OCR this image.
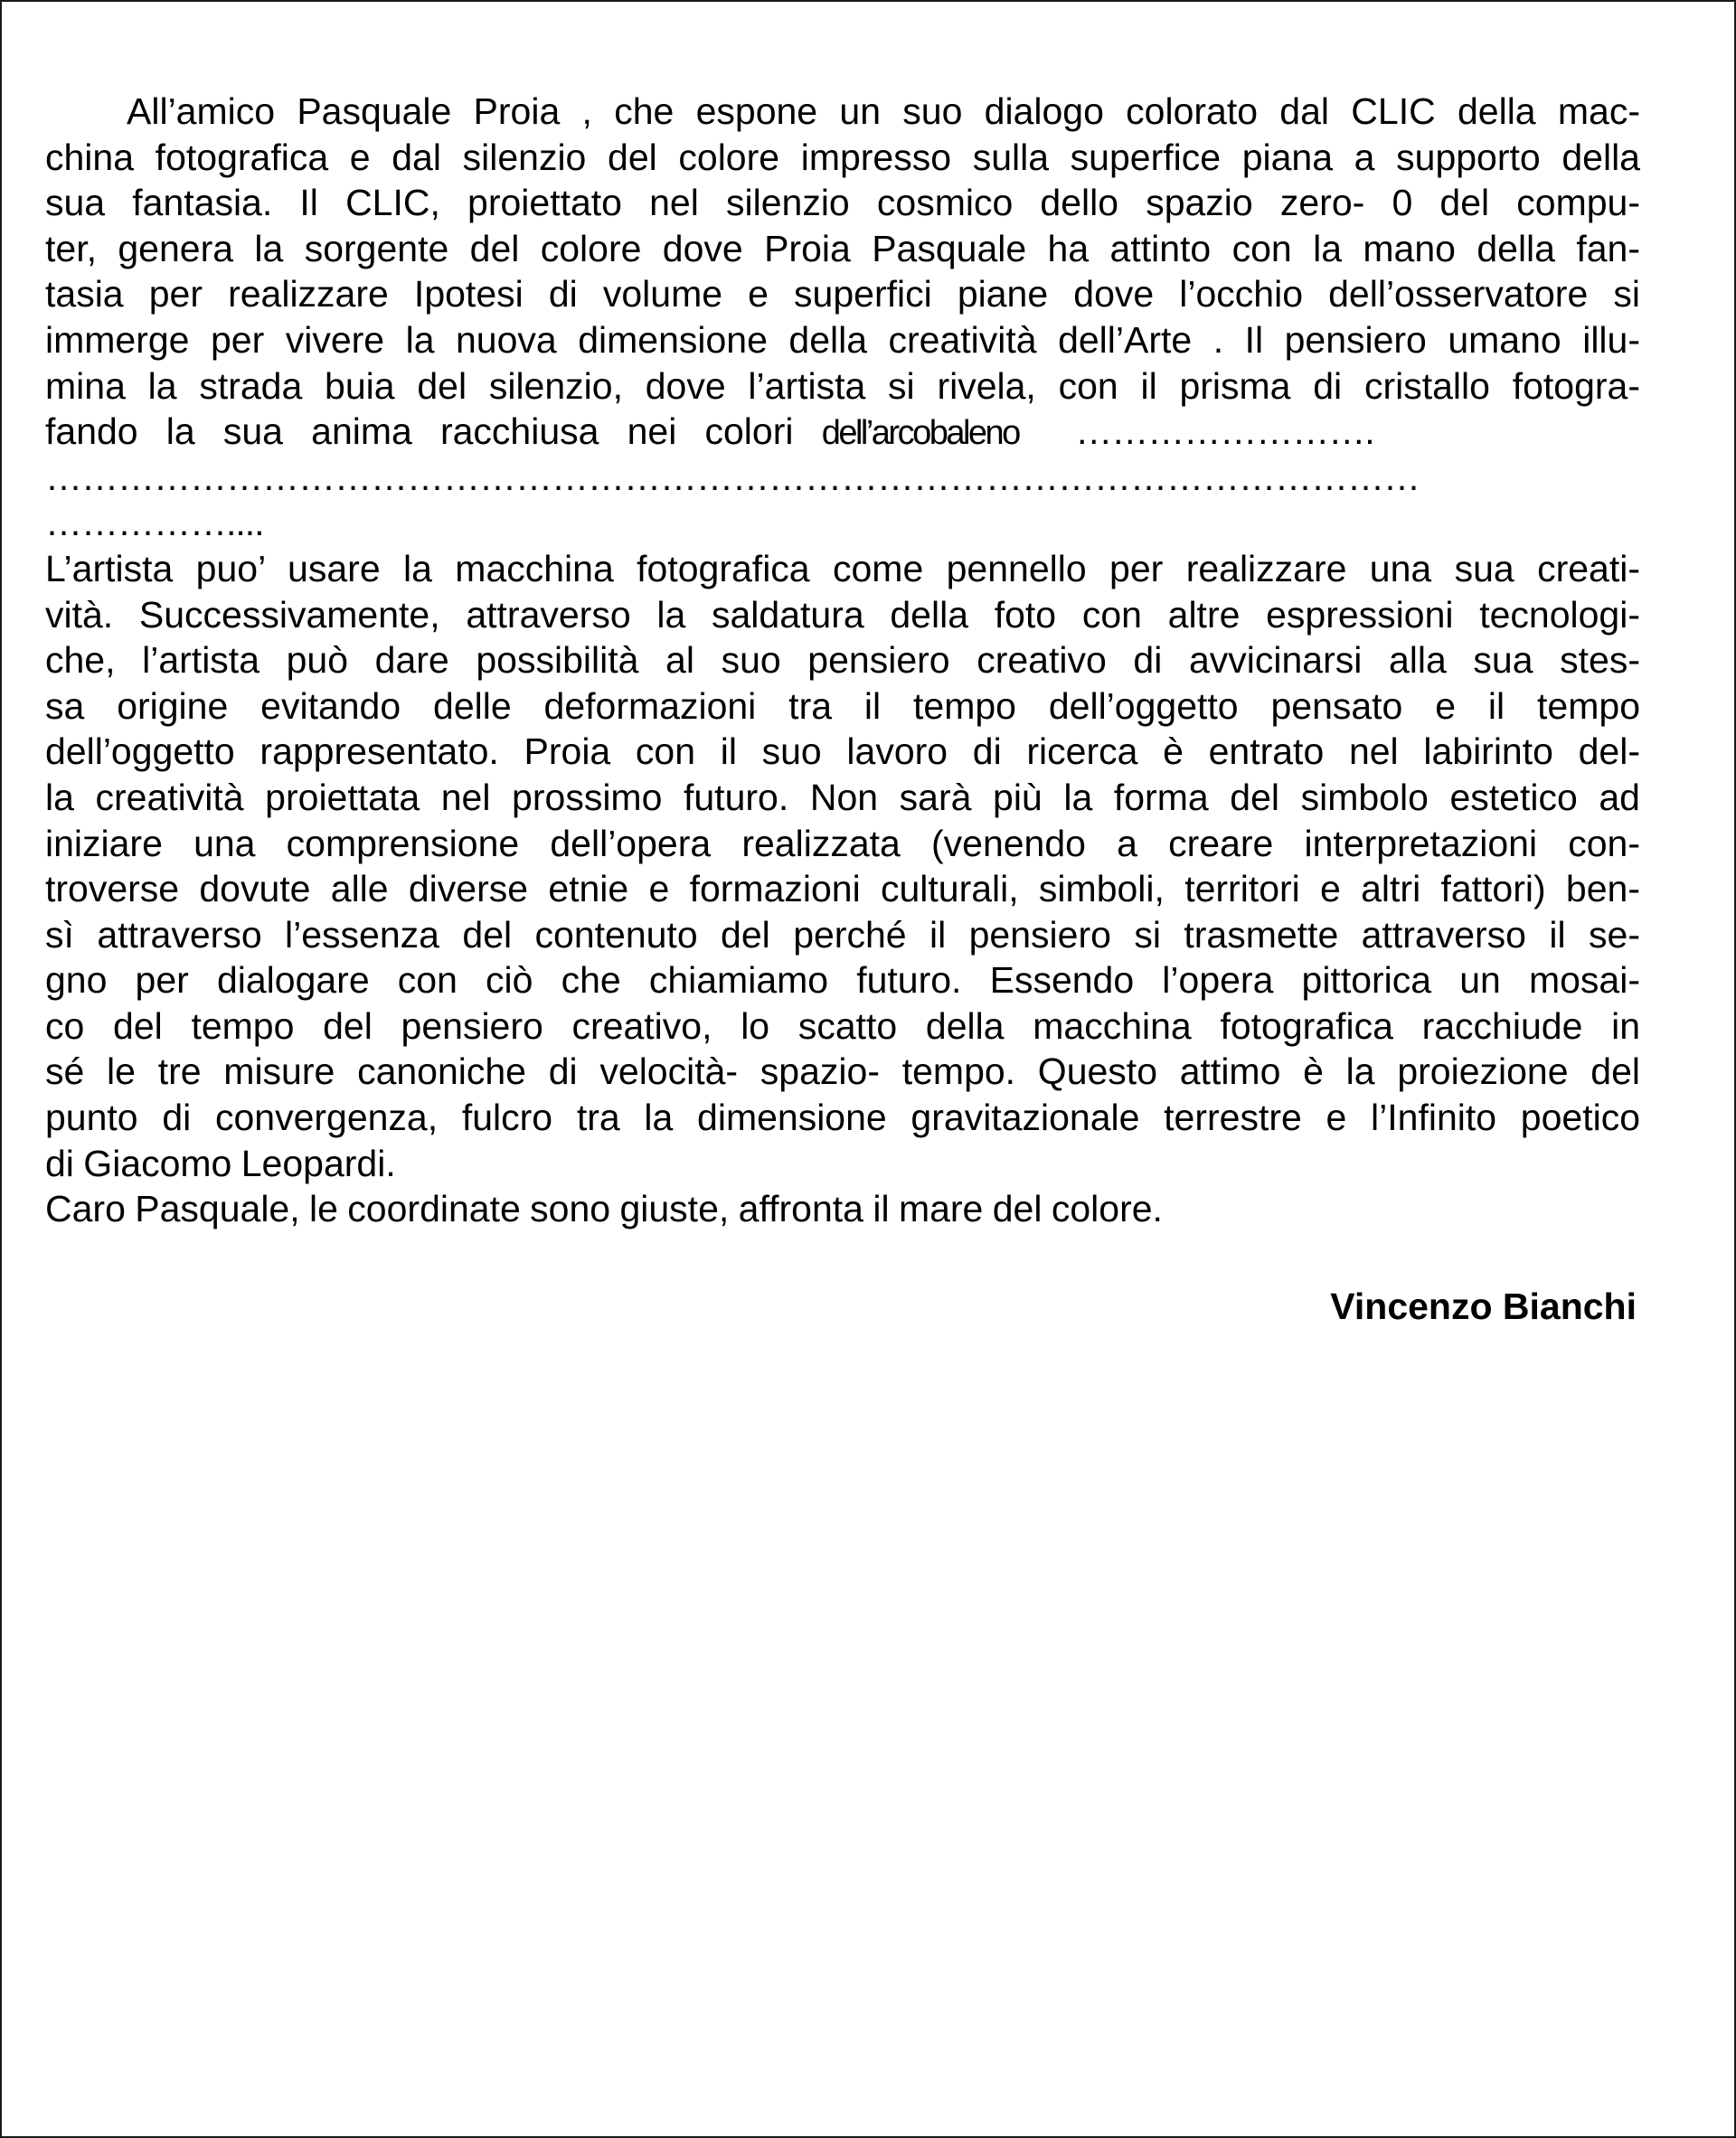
All’amico Pasquale Proia , che espone un suo dialogo colorato dal CLIC della mac-
china fotografica e dal silenzio del colore impresso sulla superfice piana a supporto della
sua fantasia. Il CLIC, proiettato nel silenzio cosmico dello spazio zero- 0 del compu-
ter, genera la sorgente del colore dove Proia Pasquale ha attinto con la mano della fan-
tasia per realizzare Ipotesi di volume e superfici piane dove l’occhio dell’osservatore si
immerge per vivere la nuova dimensione della creatività dell’Arte . Il pensiero umano illu-
mina la strada buia del silenzio, dove l’artista si rivela, con il prisma di cristallo fotogra-
fando   la   sua   anima   racchiusa   nei   colori dell’arcobaleno …………………….
……………………………………………………………………………………………………
……………....
L’artista puo’ usare la macchina fotografica come pennello per realizzare una sua creati-
vità. Successivamente, attraverso la saldatura della foto con altre espressioni tecnologi-
che, l’artista può dare possibilità al suo pensiero creativo di avvicinarsi alla sua stes-
sa origine evitando delle deformazioni tra il tempo dell’oggetto pensato e il tempo
dell’oggetto rappresentato. Proia con il suo lavoro di ricerca è entrato nel labirinto del-
la creatività proiettata nel prossimo futuro. Non sarà più la forma del simbolo estetico ad
iniziare una comprensione dell’opera realizzata (venendo a creare interpretazioni con-
troverse dovute alle diverse etnie e formazioni culturali, simboli, territori e altri fattori) ben-
sì attraverso l’essenza del contenuto del perché il pensiero si trasmette attraverso il se-
gno per dialogare con ciò che chiamiamo futuro. Essendo l’opera pittorica un mosai-
co del tempo del pensiero creativo, lo scatto della macchina fotografica racchiude in
sé le tre misure canoniche di velocità- spazio- tempo. Questo attimo è la proiezione del
punto di convergenza, fulcro tra la dimensione gravitazionale terrestre e l’Infinito poetico
di Giacomo Leopardi.
Caro Pasquale, le coordinate sono giuste, affronta il mare del colore.
Vincenzo Bianchi
